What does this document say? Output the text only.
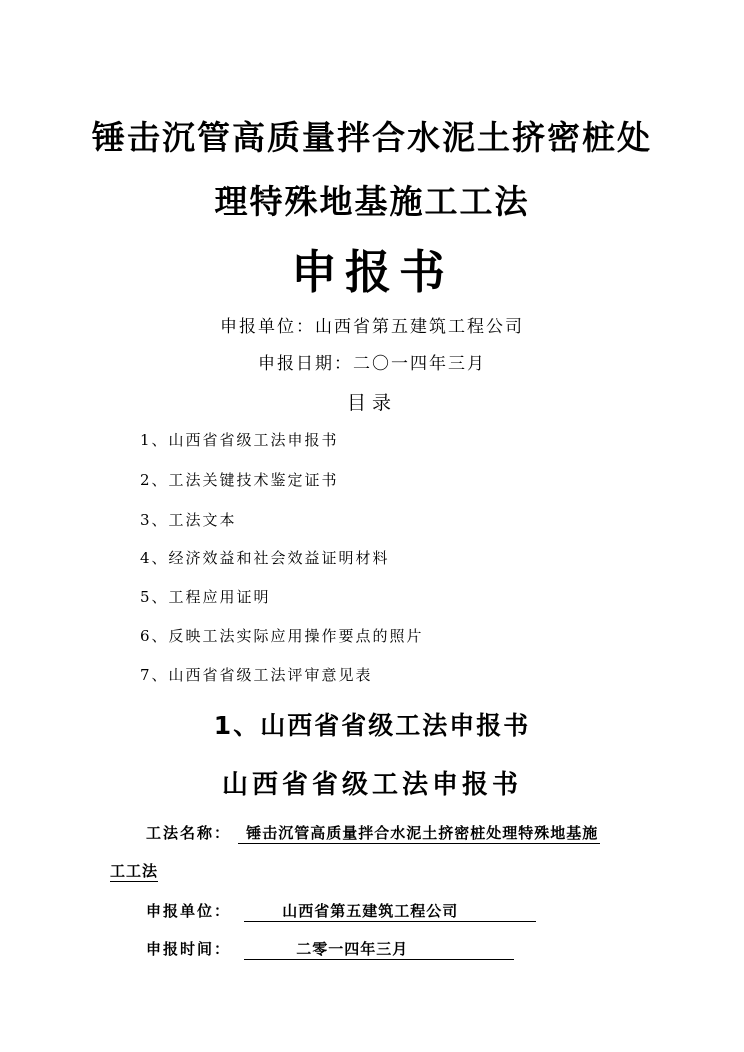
锤击沉管高质量拌合水泥土挤密桩处
理特殊地基施工工法
申报书
申报单位：山西省第五建筑工程公司
申报日期：二〇一四年三月
目录
1、山西省省级工法申报书
2、工法关键技术鉴定证书
3、工法文本
4、经济效益和社会效益证明材料
5、工程应用证明
6、反映工法实际应用操作要点的照片
7、山西省省级工法评审意见表
1、山西省省级工法申报书
山西省省级工法申报书
工法名称： 锤击沉管高质量拌合水泥土挤密桩处理特殊地基施
工工法
申报单位：	山西省第五建筑工程公司
申报时间：	二零一四年三月
